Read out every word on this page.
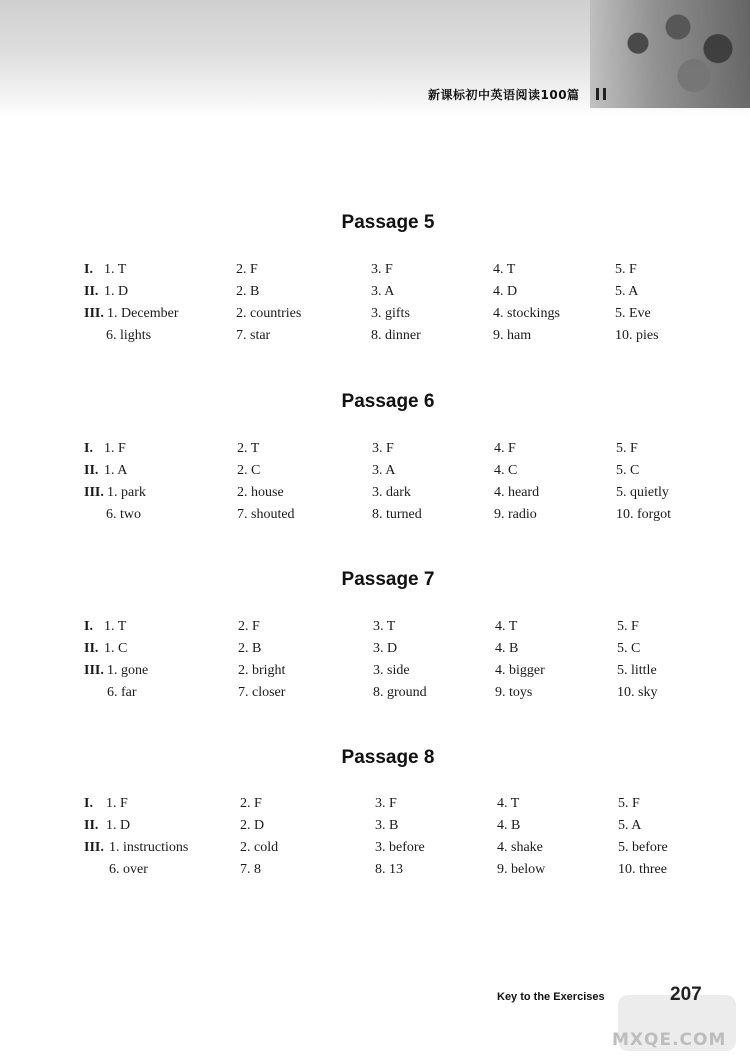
新课标初中英语阅读100篇
Passage 5
I. 1. T	2. F	3. F	4. T	5. F
II. 1. D	2. B	3. A	4. D	5. A
III. 1. December	2. countries	3. gifts	4. stockings	5. Eve
6. lights	7. star	8. dinner	9. ham	10. pies
Passage 6
I. 1. F	2. T	3. F	4. F	5. F
II. 1. A	2. C	3. A	4. C	5. C
III. 1. park	2. house	3. dark	4. heard	5. quietly
6. two	7. shouted	8. turned	9. radio	10. forgot
Passage 7
I. 1. T	2. F	3. T	4. T	5. F
II. 1. C	2. B	3. D	4. B	5. C
III. 1. gone	2. bright	3. side	4. bigger	5. little
6. far	7. closer	8. ground	9. toys	10. sky
Passage 8
I. 1. F	2. F	3. F	4. T	5. F
II. 1. D	2. D	3. B	4. B	5. A
III. 1. instructions	2. cold	3. before	4. shake	5. before
6. over	7. 8	8. 13	9. below	10. three
Key to the Exercises	207
MXQE.COM
